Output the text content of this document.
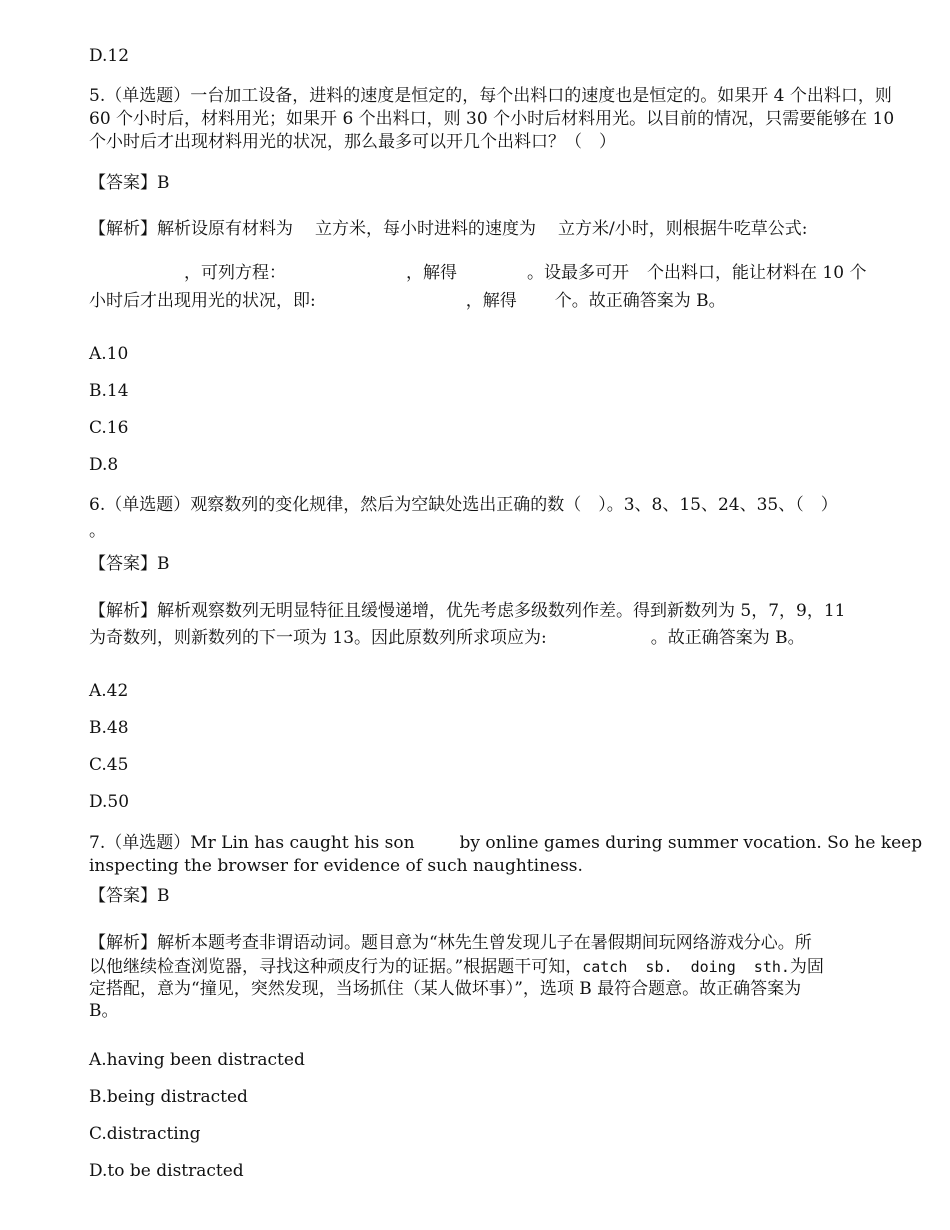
D.12
5.（单选题）一台加工设备，进料的速度是恒定的，每个出料口的速度也是恒定的。如果开 4 个出料口，则 60 个小时后，材料用光；如果开 6 个出料口，则 30 个小时后材料用光。以目前的情况，只需要能够在 10 个小时后才出现材料用光的状况，那么最多可以开几个出料口？（　）
【答案】B
【解析】解析设原有材料为 立方米，每小时进料的速度为 立方米/小时，则根据牛吃草公式:
，可列方程：	，解得	。设最多可开 个出料口，能让材料在 10 个
小时后才出现用光的状况，即:	，解得 个。故正确答案为 B。
A.10
B.14
C.16
D.8
6.（单选题）观察数列的变化规律，然后为空缺处选出正确的数（　）。3、8、15、24、35、（　）
。
【答案】B
【解析】解析观察数列无明显特征且缓慢递增，优先考虑多级数列作差。得到新数列为 5，7，9，11
为奇数列，则新数列的下一项为 13。因此原数列所求项应为:	。故正确答案为 B。
A.42
B.48
C.45
D.50
7.（单选题）Mr Lin has caught his son	by online games during summer vocation. So he keep
inspecting the browser for evidence of such naughtiness.
【答案】B
【解析】解析本题考查非谓语动词。题目意为“林先生曾发现儿子在暑假期间玩网络游戏分心。所
以他继续检查浏览器，寻找这种顽皮行为的证据。”根据题干可知，catch  sb.  doing  sth.为固
定搭配，意为“撞见，突然发现，当场抓住（某人做坏事）”，选项 B 最符合题意。故正确答案为
B。
A.having been distracted
B.being distracted
C.distracting
D.to be distracted
